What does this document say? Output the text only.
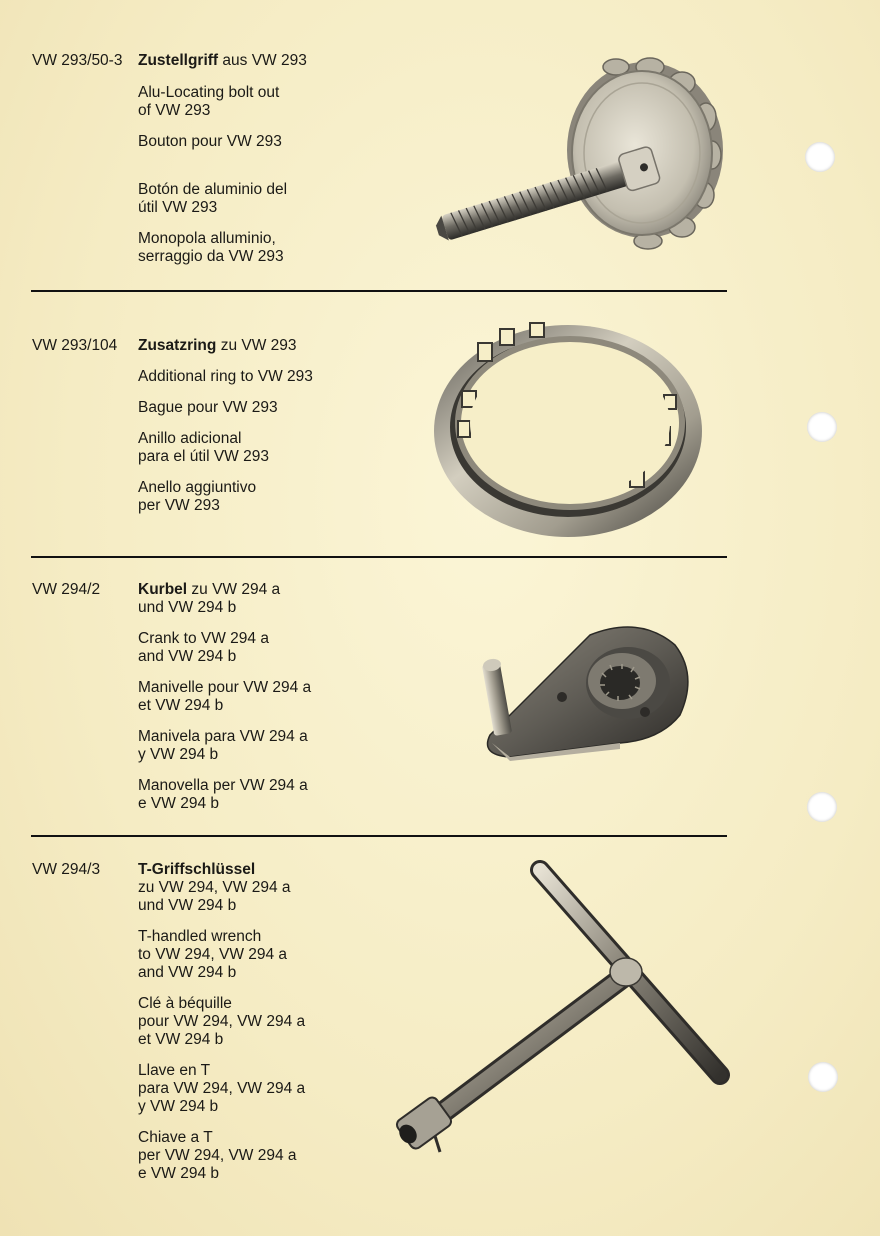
VW 293/50-3 Zustellgriff aus VW 293

Alu-Locating bolt out
of VW 293

Bouton pour VW 293

Botón de aluminio del
útil VW 293

Monopola alluminio,
serraggio da VW 293

VW 293/104 Zusatzring zu VW 293

Additional ring to VW 293

Bague pour VW 293

Anillo adicional
para el útil VW 293

Anello aggiuntivo
per VW 293

VW 294/2 Kurbel zu VW 294 a
und VW 294 b

Crank to VW 294 a
and VW 294 b

Manivelle pour VW 294 a
et VW 294 b

Manivela para VW 294 a
y VW 294 b

Manovella per VW 294 a
e VW 294 b

VW 294/3 T-Griffschlüssel
zu VW 294, VW 294 a
und VW 294 b

T-handled wrench
to VW 294, VW 294 a
and VW 294 b

Clé à béquille
pour VW 294, VW 294 a
et VW 294 b

Llave en T
para VW 294, VW 294 a
y VW 294 b

Chiave a T
per VW 294, VW 294 a
e VW 294 b
